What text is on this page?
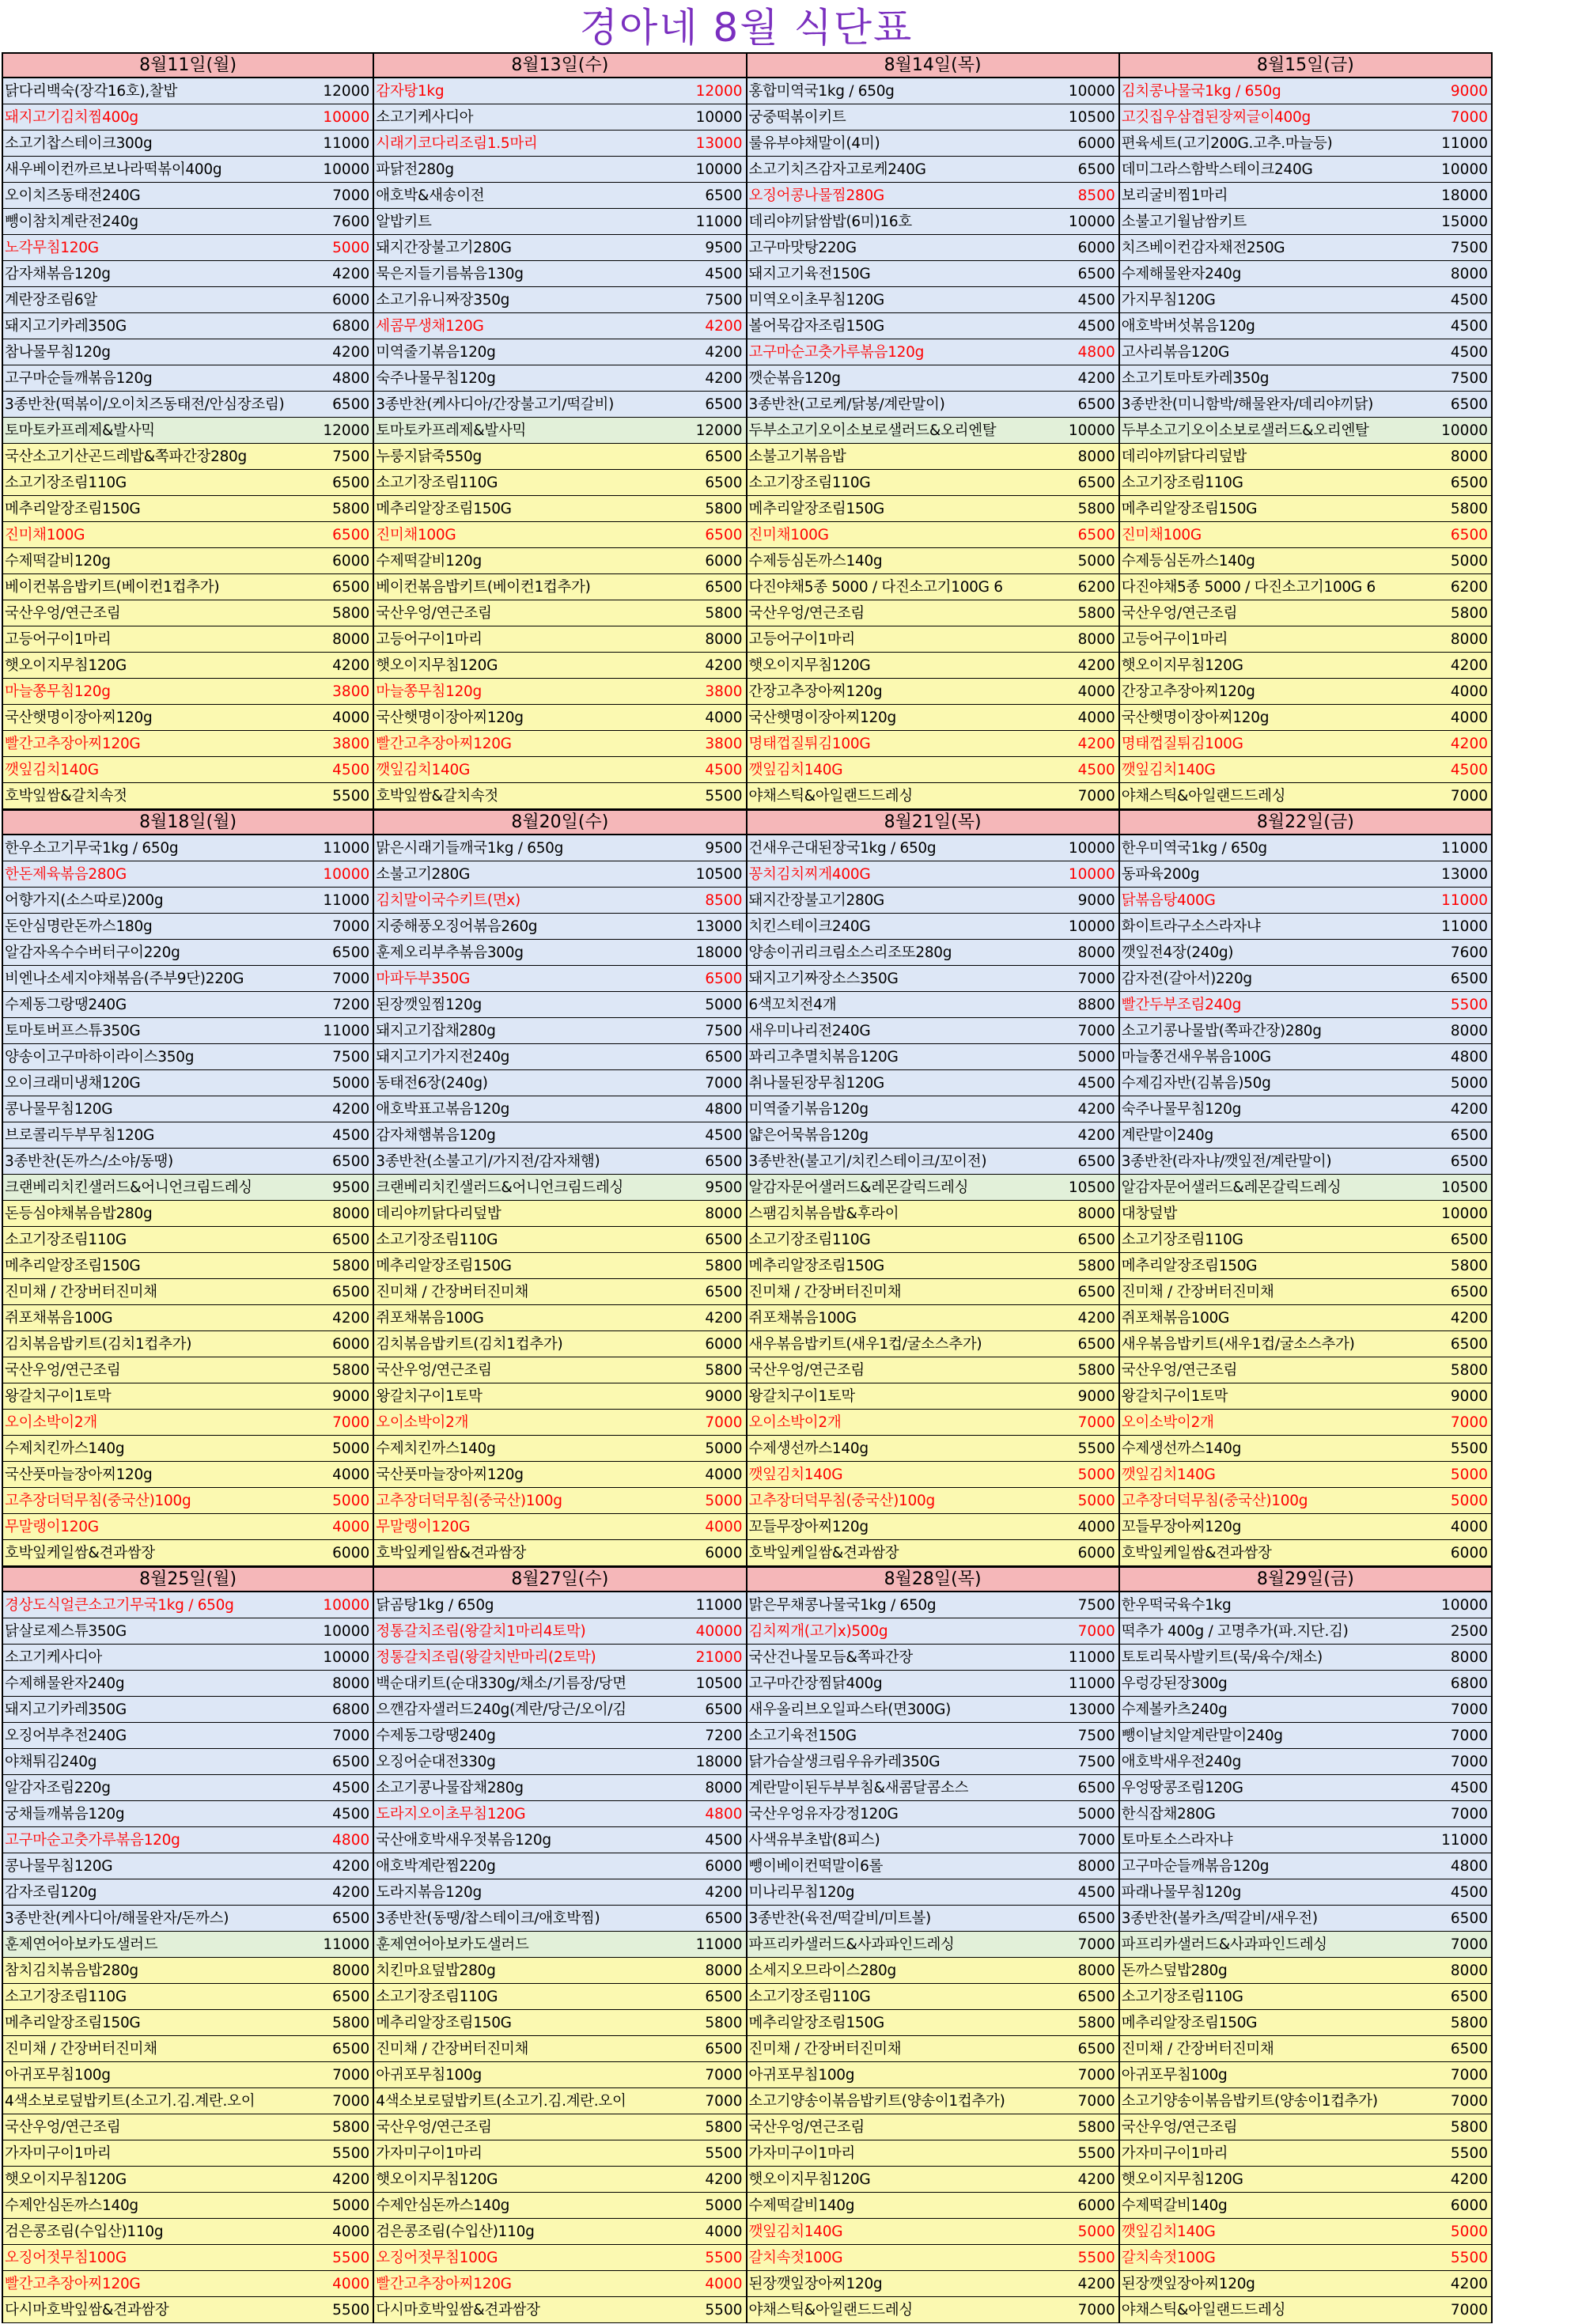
경아네 8월 식단표
8월11일(월)	8월13일(수)	8월14일(목)	8월15일(금)
닭다리백숙(장각16호),찰밥	12000 감자탕1kg	12000 홍합미역국1kg / 650g	10000 김치콩나물국1kg / 650g	9000
돼지고기김치찜400g	10000 소고기케사디아	10000 궁중떡볶이키트	10500 고깃집우삼겹된장찌글이400g	7000
소고기찹스테이크300g	11000 시래기코다리조림1.5마리	13000 룰유부야채말이(4미)	6000 편육세트(고기200G.고추.마늘등)	11000
새우베이컨까르보나라떡볶이400g	10000 파닭전280g	10000 소고기치즈감자고로케240G	6500 데미그라스함박스테이크240G	10000
오이치즈동태전240G	7000 애호박&새송이전	6500 오징어콩나물찜280G	8500 보리굴비찜1마리	18000
뺑이참치계란전240g	7600 알밥키트	11000 데리야끼닭쌈밥(6미)16호	10000 소불고기월남쌈키트	15000
노각무침120G	5000 돼지간장불고기280G	9500 고구마맛탕220G	6000 치즈베이컨감자채전250G	7500
감자채볶음120g	4200 묵은지들기름볶음130g	4500 돼지고기육전150G	6500 수제해물완자240g	8000
계란장조림6알	6000 소고기유니짜장350g	7500 미역오이초무침120G	4500 가지무침120G	4500
돼지고기카레350G	6800 세콤무생채120G	4200 볼어묵감자조림150G	4500 애호박버섯볶음120g	4500
참나물무침120g	4200 미역줄기볶음120g	4200 고구마순고춧가루볶음120g	4800 고사리볶음120G	4500
고구마순들깨볶음120g	4800 숙주나물무침120g	4200 깻순볶음120g	4200 소고기토마토카레350g	7500
3종반찬(떡볶이/오이치즈동태전/안심장조림)	6500 3종반찬(케사디아/간장불고기/떡갈비)	6500 3종반찬(고로케/닭봉/계란말이)	6500 3종반찬(미니함박/해물완자/데리야끼닭)	6500
토마토카프레제&발사믹	12000 토마토카프레제&발사믹	12000 두부소고기오이소보로샐러드&오리엔탈	10000 두부소고기오이소보로샐러드&오리엔탈	10000
국산소고기산곤드레밥&쪽파간장280g	7500 누룽지닭죽550g	6500 소불고기볶음밥	8000 데리야끼닭다리덮밥	8000
소고기장조림110G	6500 소고기장조림110G	6500 소고기장조림110G	6500 소고기장조림110G	6500
메추리알장조림150G	5800 메추리알장조림150G	5800 메추리알장조림150G	5800 메추리알장조림150G	5800
진미채100G	6500 진미채100G	6500 진미채100G	6500 진미채100G	6500
수제떡갈비120g	6000 수제떡갈비120g	6000 수제등심돈까스140g	5000 수제등심돈까스140g	5000
베이컨볶음밥키트(베이컨1컵추가)	6500 베이컨볶음밥키트(베이컨1컵추가)	6500 다진야채5종 5000 / 다진소고기100G 6	6200 다진야채5종 5000 / 다진소고기100G 6	6200
국산우엉/연근조림	5800 국산우엉/연근조림	5800 국산우엉/연근조림	5800 국산우엉/연근조림	5800
고등어구이1마리	8000 고등어구이1마리	8000 고등어구이1마리	8000 고등어구이1마리	8000
햇오이지무침120G	4200 햇오이지무침120G	4200 햇오이지무침120G	4200 햇오이지무침120G	4200
마늘쫑무침120g	3800 마늘쫑무침120g	3800 간장고추장아찌120g	4000 간장고추장아찌120g	4000
국산햇명이장아찌120g	4000 국산햇명이장아찌120g	4000 국산햇명이장아찌120g	4000 국산햇명이장아찌120g	4000
빨간고추장아찌120G	3800 빨간고추장아찌120G	3800 명태껍질튀김100G	4200 명태껍질튀김100G	4200
깻잎김치140G	4500 깻잎김치140G	4500 깻잎김치140G	4500 깻잎김치140G	4500
호박잎쌈&갈치속젓	5500 호박잎쌈&갈치속젓	5500 야채스틱&아일랜드드레싱	7000 야채스틱&아일랜드드레싱	7000
8월18일(월)	8월20일(수)	8월21일(목)	8월22일(금)
한우소고기무국1kg / 650g	11000 맑은시래기들깨국1kg / 650g	9500 건새우근대된장국1kg / 650g	10000 한우미역국1kg / 650g	11000
한돈제육볶음280G	10000 소불고기280G	10500 꽁치김치찌게400G	10000 동파육200g	13000
어향가지(소스따로)200g	11000 김치말이국수키트(면x)	8500 돼지간장불고기280G	9000 닭볶음탕400G	11000
돈안심명란돈까스180g	7000 지중해풍오징어볶음260g	13000 치킨스테이크240G	10000 화이트라구소스라자냐	11000
알감자옥수수버터구이220g	6500 훈제오리부추볶음300g	18000 양송이귀리크림소스리조또280g	8000 깻잎전4장(240g)	7600
비엔나소세지야채볶음(주부9단)220G	7000 마파두부350G	6500 돼지고기짜장소스350G	7000 감자전(갈아서)220g	6500
수제동그랑땡240G	7200 된장깻잎찜120g	5000 6색꼬치전4개	8800 빨간두부조림240g	5500
토마토버프스튜350G	11000 돼지고기잡채280g	7500 새우미나리전240G	7000 소고기콩나물밥(쪽파간장)280g	8000
양송이고구마하이라이스350g	7500 돼지고기가지전240g	6500 꽈리고추멸치볶음120G	5000 마늘쫑건새우볶음100G	4800
오이크래미냉채120G	5000 동태전6장(240g)	7000 취나물된장무침120G	4500 수제김자반(김볶음)50g	5000
콩나물무침120G	4200 애호박표고볶음120g	4800 미역줄기볶음120g	4200 숙주나물무침120g	4200
브로콜리두부무침120G	4500 감자채햄볶음120g	4500 얇은어묵볶음120g	4200 계란말이240g	6500
3종반찬(돈까스/소야/동땡)	6500 3종반찬(소불고기/가지전/감자채햄)	6500 3종반찬(불고기/치킨스테이크/꼬이전)	6500 3종반찬(라자냐/깻잎전/계란말이)	6500
크랜베리치킨샐러드&어니언크림드레싱	9500 크랜베리치킨샐러드&어니언크림드레싱	9500 알감자문어샐러드&레몬갈릭드레싱	10500 알감자문어샐러드&레몬갈릭드레싱	10500
돈등심야채볶음밥280g	8000 데리야끼닭다리덮밥	8000 스팸김치볶음밥&후라이	8000 대창덮밥	10000
소고기장조림110G	6500 소고기장조림110G	6500 소고기장조림110G	6500 소고기장조림110G	6500
메추리알장조림150G	5800 메추리알장조림150G	5800 메추리알장조림150G	5800 메추리알장조림150G	5800
진미채 / 간장버터진미채	6500 진미채 / 간장버터진미채	6500 진미채 / 간장버터진미채	6500 진미채 / 간장버터진미채	6500
쥐포채볶음100G	4200 쥐포채볶음100G	4200 쥐포채볶음100G	4200 쥐포채볶음100G	4200
김치볶음밥키트(김치1컵추가)	6000 김치볶음밥키트(김치1컵추가)	6000 새우볶음밥키트(새우1컵/굴소스추가)	6500 새우볶음밥키트(새우1컵/굴소스추가)	6500
국산우엉/연근조림	5800 국산우엉/연근조림	5800 국산우엉/연근조림	5800 국산우엉/연근조림	5800
왕갈치구이1토막	9000 왕갈치구이1토막	9000 왕갈치구이1토막	9000 왕갈치구이1토막	9000
오이소박이2개	7000 오이소박이2개	7000 오이소박이2개	7000 오이소박이2개	7000
수제치킨까스140g	5000 수제치킨까스140g	5000 수제생선까스140g	5500 수제생선까스140g	5500
국산풋마늘장아찌120g	4000 국산풋마늘장아찌120g	4000 깻잎김치140G	5000 깻잎김치140G	5000
고추장더덕무침(중국산)100g	5000 고추장더덕무침(중국산)100g	5000 고추장더덕무침(중국산)100g	5000 고추장더덕무침(중국산)100g	5000
무말랭이120G	4000 무말랭이120G	4000 꼬들무장아찌120g	4000 꼬들무장아찌120g	4000
호박잎케일쌈&견과쌈장	6000 호박잎케일쌈&견과쌈장	6000 호박잎케일쌈&견과쌈장	6000 호박잎케일쌈&견과쌈장	6000
8월25일(월)	8월27일(수)	8월28일(목)	8월29일(금)
경상도식얼큰소고기무국1kg / 650g	10000 닭곰탕1kg / 650g	11000 맑은무채콩나물국1kg / 650g	7500 한우떡국육수1kg	10000
닭살로제스튜350G	10000 정통갈치조림(왕갈치1마리4토막)	40000 김치찌개(고기x)500g	7000 떡추가 400g / 고명추가(파.지단.김)	2500
소고기케사디아	10000 정통갈치조림(왕갈치반마리(2토막)	21000 국산건나물모듬&쪽파간장	11000 토토리묵사발키트(묵/육수/채소)	8000
수제해물완자240g	8000 백순대키트(순대330g/채소/기름장/당면	10500 고구마간장찜닭400g	11000 우렁강된장300g	6800
돼지고기카레350G	6800 으깬감자샐러드240g(계란/당근/오이/김	6500 새우올리브오일파스타(면300G)	13000 수제볼카츠240g	7000
오징어부추전240G	7000 수제동그랑땡240g	7200 소고기육전150G	7500 뺑이날치알계란말이240g	7000
야채튀김240g	6500 오징어순대전330g	18000 닭가슴살생크림우유카레350G	7500 애호박새우전240g	7000
알감자조림220g	4500 소고기콩나물잡채280g	8000 계란말이된두부부침&새콤달콤소스	6500 우엉땅콩조림120G	4500
궁채들깨볶음120g	4500 도라지오이초무침120G	4800 국산우엉유자강정120G	5000 한식잡채280G	7000
고구마순고춧가루볶음120g	4800 국산애호박새우젓볶음120g	4500 사색유부초밥(8피스)	7000 토마토소스라자냐	11000
콩나물무침120G	4200 애호박계란찜220g	6000 뺑이베이컨떡말이6롤	8000 고구마순들깨볶음120g	4800
감자조림120g	4200 도라지볶음120g	4200 미나리무침120g	4500 파래나물무침120g	4500
3종반찬(케사디아/해물완자/돈까스)	6500 3종반찬(동땡/찹스테이크/애호박찜)	6500 3종반찬(육전/떡갈비/미트볼)	6500 3종반찬(볼카츠/떡갈비/새우전)	6500
훈제연어아보카도샐러드	11000 훈제연어아보카도샐러드	11000 파프리카샐러드&사과파인드레싱	7000 파프리카샐러드&사과파인드레싱	7000
참치김치볶음밥280g	8000 치킨마요덮밥280g	8000 소세지오므라이스280g	8000 돈까스덮밥280g	8000
소고기장조림110G	6500 소고기장조림110G	6500 소고기장조림110G	6500 소고기장조림110G	6500
메추리알장조림150G	5800 메추리알장조림150G	5800 메추리알장조림150G	5800 메추리알장조림150G	5800
진미채 / 간장버터진미채	6500 진미채 / 간장버터진미채	6500 진미채 / 간장버터진미채	6500 진미채 / 간장버터진미채	6500
아귀포무침100g	7000 아귀포무침100g	7000 아귀포무침100g	7000 아귀포무침100g	7000
4색소보로덮밥키트(소고기.김.계란.오이	7000 4색소보로덮밥키트(소고기.김.계란.오이	7000 소고기양송이볶음밥키트(양송이1컵추가)	7000 소고기양송이볶음밥키트(양송이1컵추가)	7000
국산우엉/연근조림	5800 국산우엉/연근조림	5800 국산우엉/연근조림	5800 국산우엉/연근조림	5800
가자미구이1마리	5500 가자미구이1마리	5500 가자미구이1마리	5500 가자미구이1마리	5500
햇오이지무침120G	4200 햇오이지무침120G	4200 햇오이지무침120G	4200 햇오이지무침120G	4200
수제안심돈까스140g	5000 수제안심돈까스140g	5000 수제떡갈비140g	6000 수제떡갈비140g	6000
검은콩조림(수입산)110g	4000 검은콩조림(수입산)110g	4000 깻잎김치140G	5000 깻잎김치140G	5000
오징어젓무침100G	5500 오징어젓무침100G	5500 갈치속젓100G	5500 갈치속젓100G	5500
빨간고추장아찌120G	4000 빨간고추장아찌120G	4000 된장깻잎장아찌120g	4200 된장깻잎장아찌120g	4200
다시마호박잎쌈&견과쌈장	5500 다시마호박잎쌈&견과쌈장	5500 야채스틱&아일랜드드레싱	7000 야채스틱&아일랜드드레싱	7000
